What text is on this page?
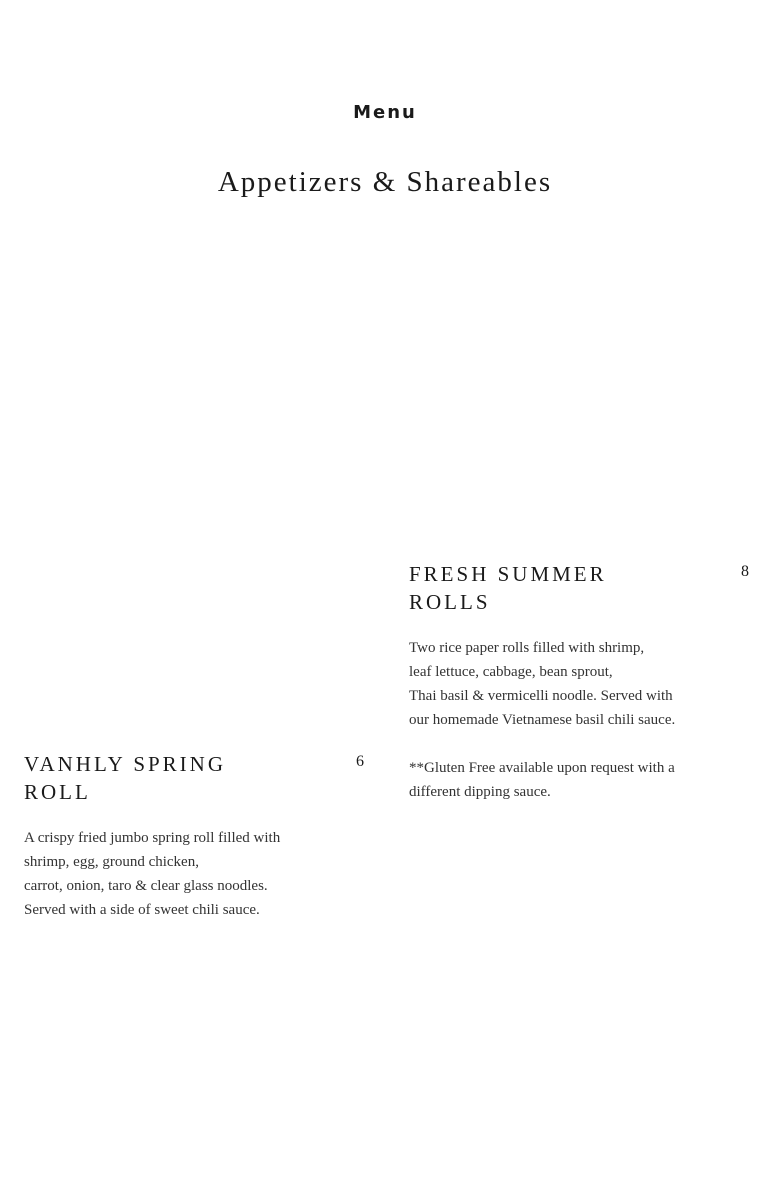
Menu
Appetizers & Shareables
FRESH SUMMER
ROLLS
8
Two rice paper rolls filled with shrimp,
leaf lettuce, cabbage, bean sprout,
Thai basil & vermicelli noodle. Served with
our homemade Vietnamese basil chili sauce.
**Gluten Free available upon request with a
different dipping sauce.
VANHLY SPRING
ROLL
6
A crispy fried jumbo spring roll filled with
shrimp, egg, ground chicken,
carrot, onion, taro & clear glass noodles.
Served with a side of sweet chili sauce.
